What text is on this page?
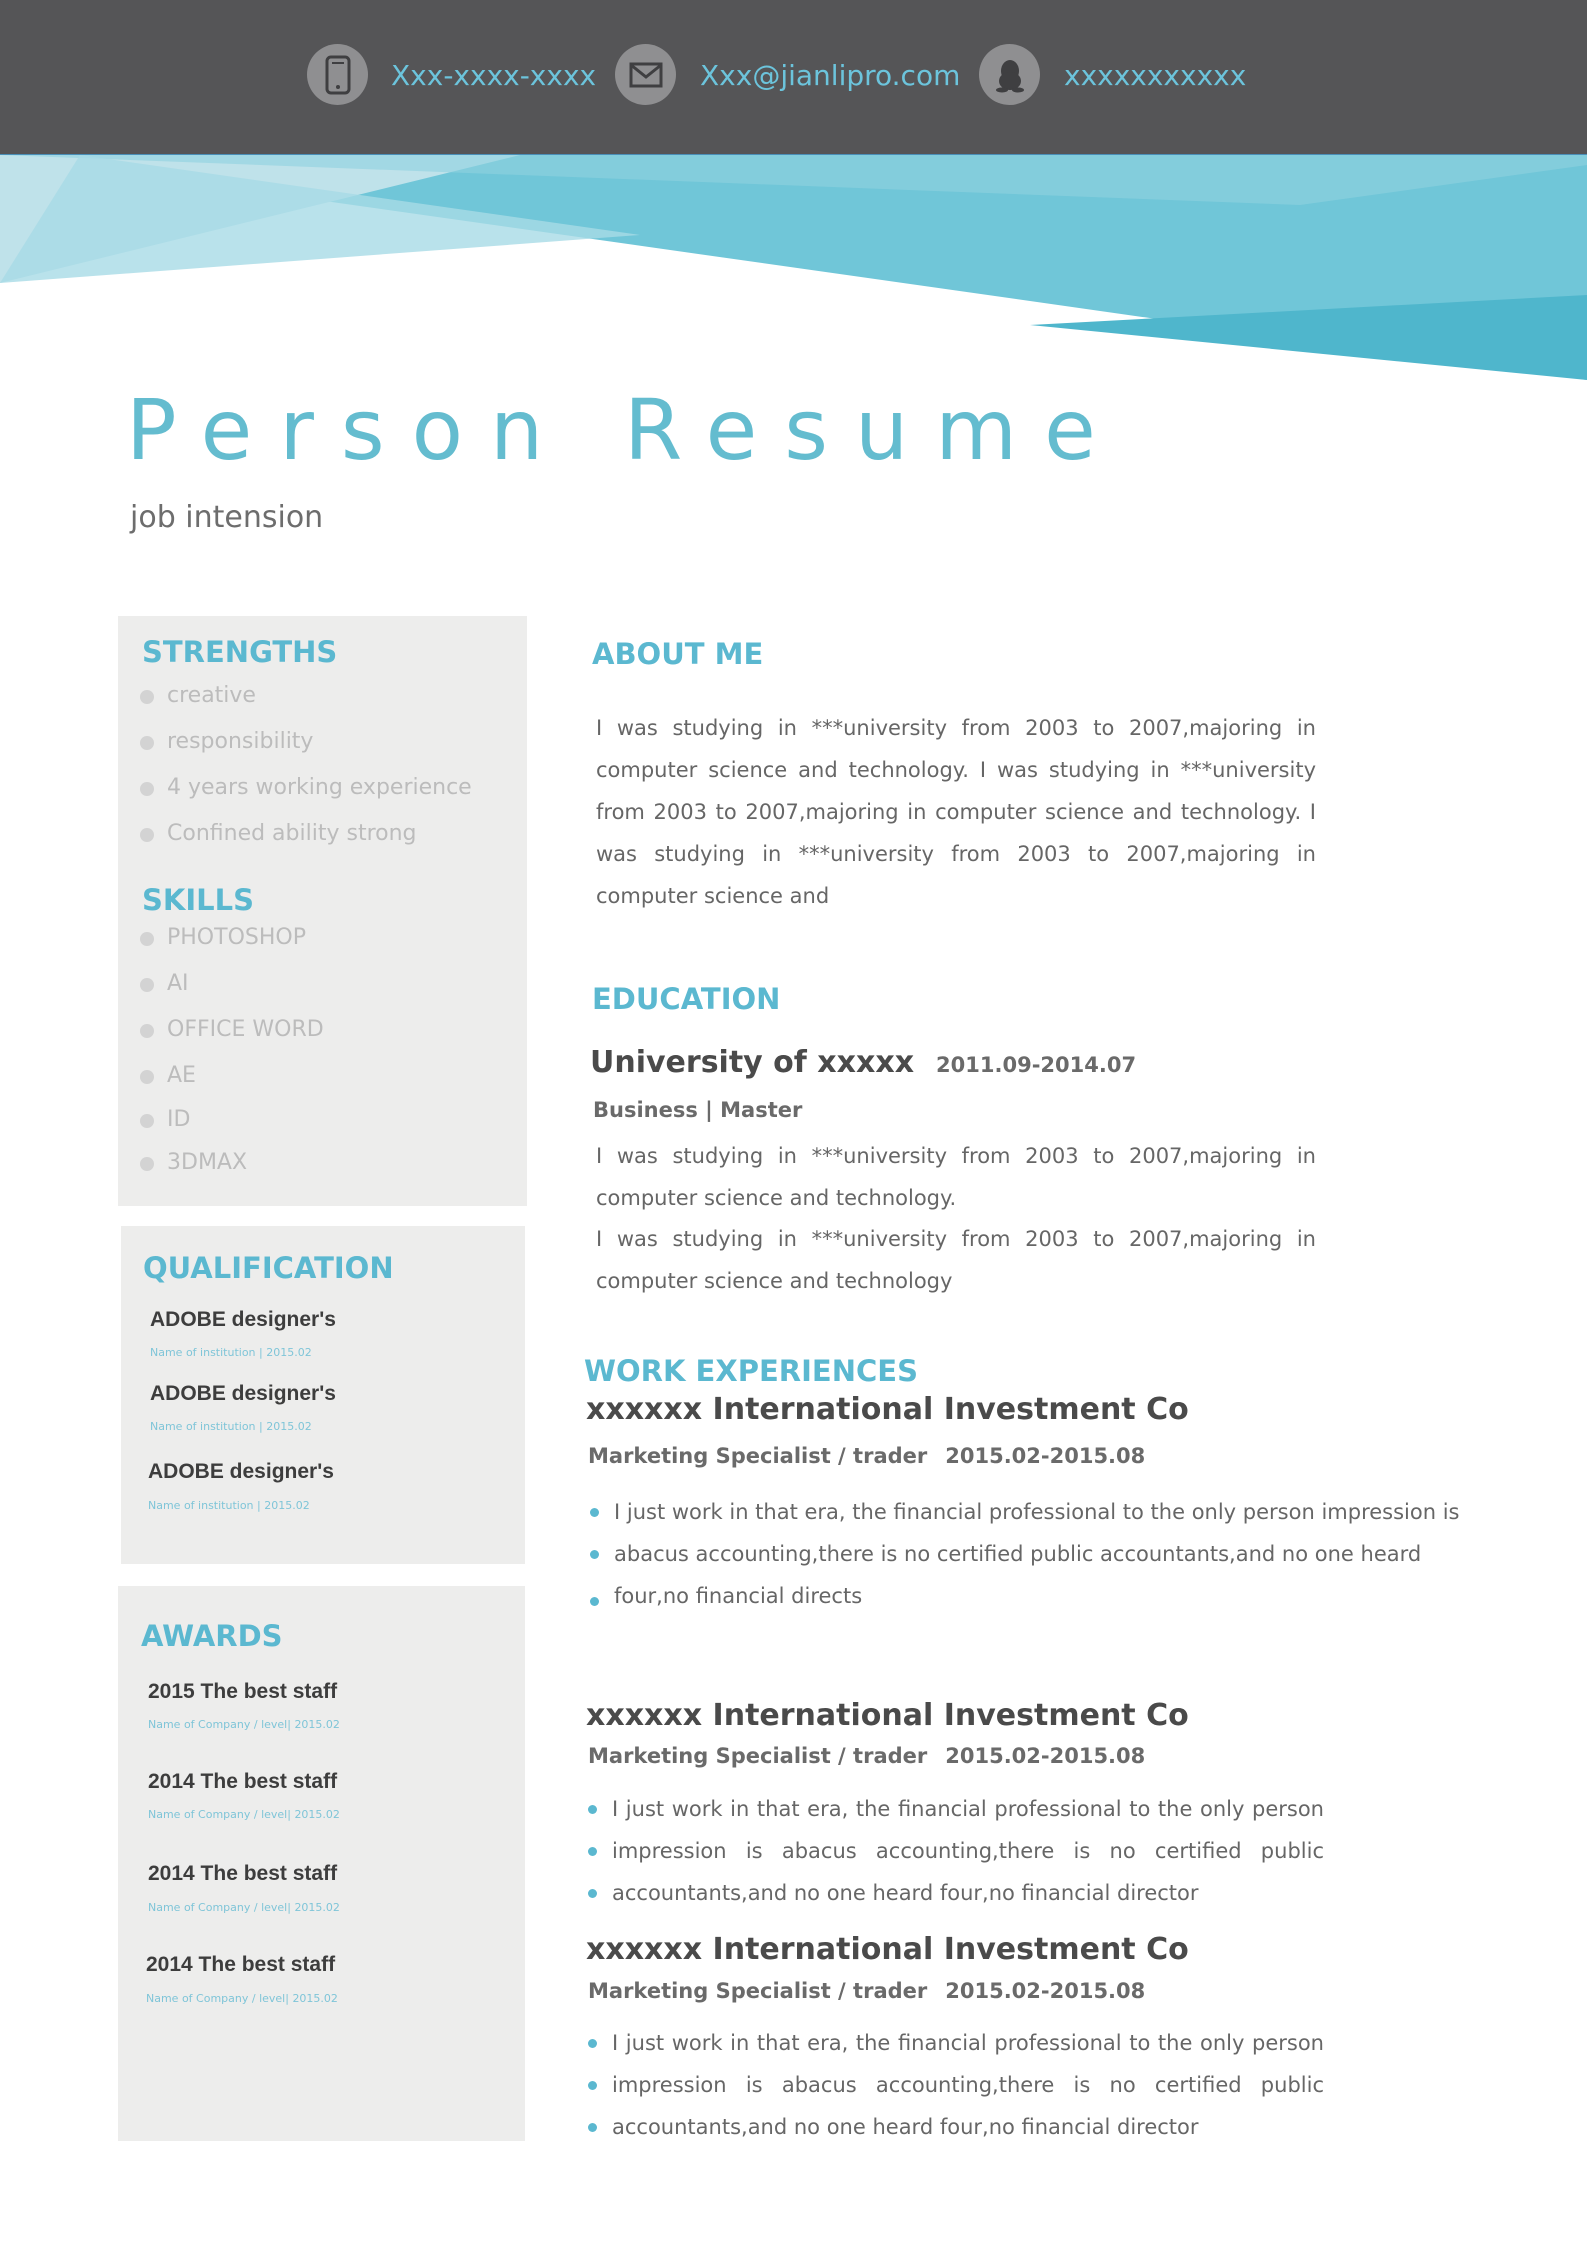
Xxx-xxxx-xxxx	Xxx@jianlipro.com	xxxxxxxxxxx
Person Resume
job intension
STRENGTHS
creative
responsibility
4 years working experience
Confined ability strong
SKILLS
PHOTOSHOP
AI
OFFICE WORD
AE
ID
3DMAX
QUALIFICATION
ADOBE designer's
Name of institution | 2015.02
ADOBE designer's
Name of institution | 2015.02
ADOBE designer's
Name of institution | 2015.02
AWARDS
2015 The best staff
Name of Company / level| 2015.02
2014 The best staff
Name of Company / level| 2015.02
2014 The best staff
Name of Company / level| 2015.02
2014 The best staff
Name of Company / level| 2015.02
ABOUT ME

I was studying in ***university from 2003 to 2007,majoring in computer science and technology. I was studying in ***university from 2003 to 2007,majoring in computer science and technology. I was studying in ***university from 2003 to 2007,majoring in computer science and

EDUCATION
University of xxxxx 2011.09-2014.07
Business | Master

I was studying in ***university from 2003 to 2007,majoring in computer science and technology.

I was studying in ***university from 2003 to 2007,majoring in computer science and technology

WORK EXPERIENCES
xxxxxx International Investment Co
Marketing Specialist / trader 2015.02-2015.08
I just work in that era, the financial professional to the only person impression is
abacus accounting,there is no certified public accountants,and no one heard
four,no financial directs
xxxxxx International Investment Co
Marketing Specialist / trader 2015.02-2015.08
I just work in that era, the financial professional to the only person
impression is abacus accounting,there is no certified public
accountants,and no one heard four,no financial director
xxxxxx International Investment Co
Marketing Specialist / trader 2015.02-2015.08
I just work in that era, the financial professional to the only person
impression is abacus accounting,there is no certified public
accountants,and no one heard four,no financial director
